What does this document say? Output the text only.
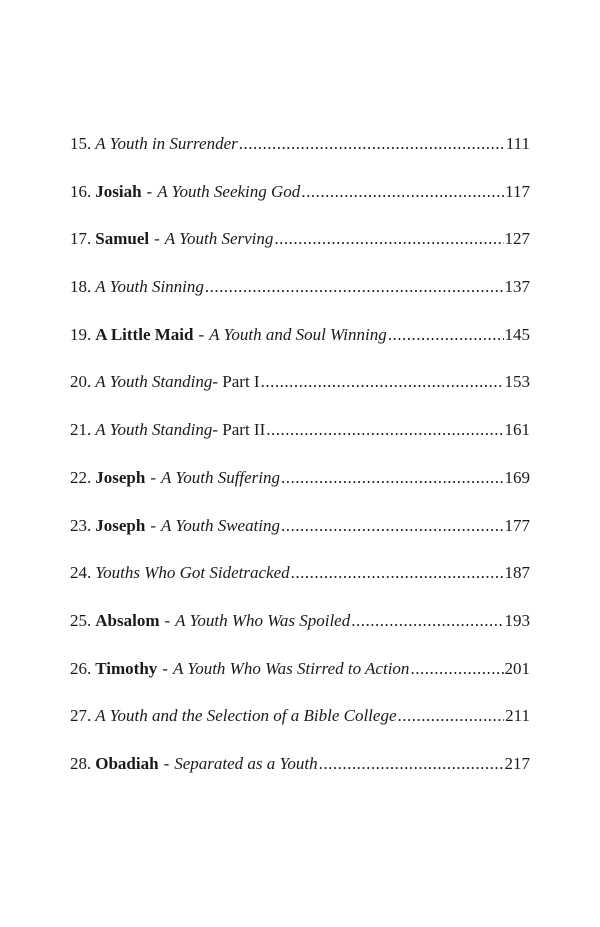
15. A Youth in Surrender .....	111
16. Josiah - A Youth Seeking God .....	117
17. Samuel - A Youth Serving .....	127
18. A Youth Sinning .....	137
19. A Little Maid - A Youth and Soul Winning .....	145
20. A Youth Standing - Part I .....	153
21. A Youth Standing - Part II .....	161
22. Joseph - A Youth Suffering .....	169
23. Joseph - A Youth Sweating .....	177
24. Youths Who Got Sidetracked .....	187
25. Absalom - A Youth Who Was Spoiled .....	193
26. Timothy - A Youth Who Was Stirred to Action .....	201
27. A Youth and the Selection of a Bible College .....	211
28. Obadiah - Separated as a Youth .....	217
